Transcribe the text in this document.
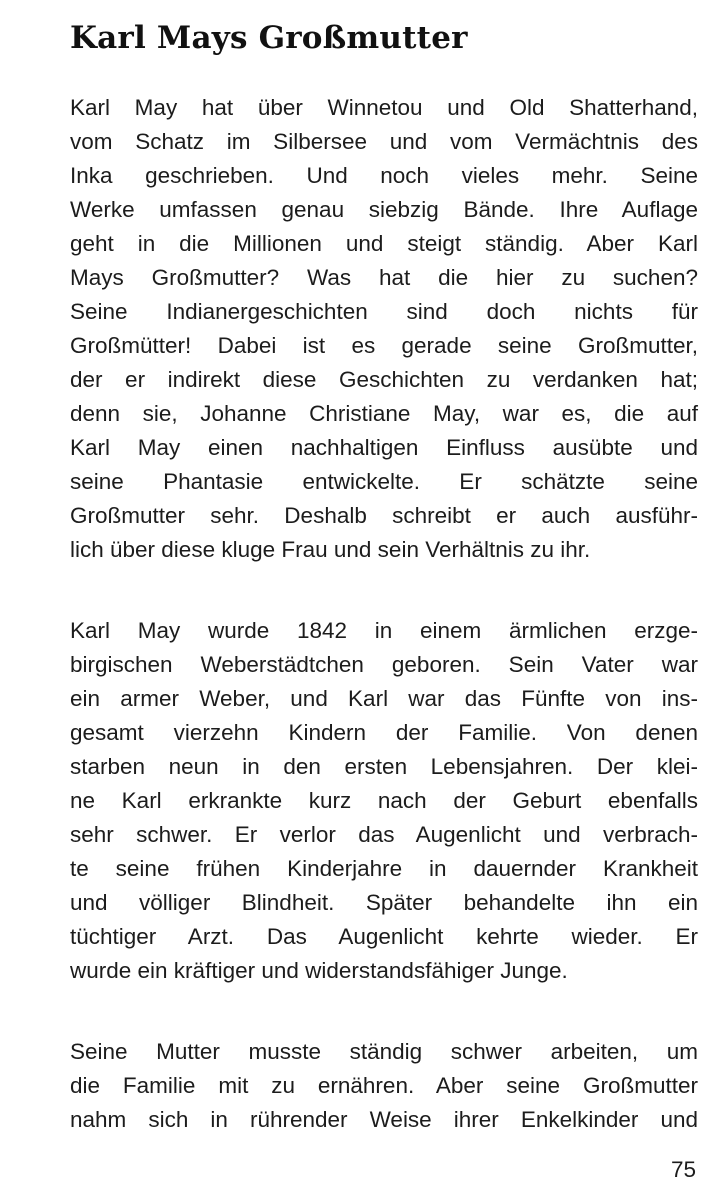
Karl Mays Großmutter

Karl May hat über Winnetou und Old Shatterhand,

vom Schatz im Silbersee und vom Vermächtnis des

Inka geschrieben. Und noch vieles mehr. Seine

Werke umfassen genau siebzig Bände. Ihre Auflage

geht in die Millionen und steigt ständig. Aber Karl

Mays Großmutter? Was hat die hier zu suchen?

Seine Indianergeschichten sind doch nichts für

Großmütter! Dabei ist es gerade seine Großmutter,

der er indirekt diese Geschichten zu verdanken hat;

denn sie, Johanne Christiane May, war es, die auf

Karl May einen nachhaltigen Einfluss ausübte und

seine Phantasie entwickelte. Er schätzte seine

Großmutter sehr. Deshalb schreibt er auch ausführ-

lich über diese kluge Frau und sein Verhältnis zu ihr.

Karl May wurde 1842 in einem ärmlichen erzge-

birgischen Weberstädtchen geboren. Sein Vater war

ein armer Weber, und Karl war das Fünfte von ins-

gesamt vierzehn Kindern der Familie. Von denen

starben neun in den ersten Lebensjahren. Der klei-

ne Karl erkrankte kurz nach der Geburt ebenfalls

sehr schwer. Er verlor das Augenlicht und verbrach-

te seine frühen Kinderjahre in dauernder Krankheit

und völliger Blindheit. Später behandelte ihn ein

tüchtiger Arzt. Das Augenlicht kehrte wieder. Er

wurde ein kräftiger und widerstandsfähiger Junge.

Seine Mutter musste ständig schwer arbeiten, um

die Familie mit zu ernähren. Aber seine Großmutter

nahm sich in rührender Weise ihrer Enkelkinder und

75
